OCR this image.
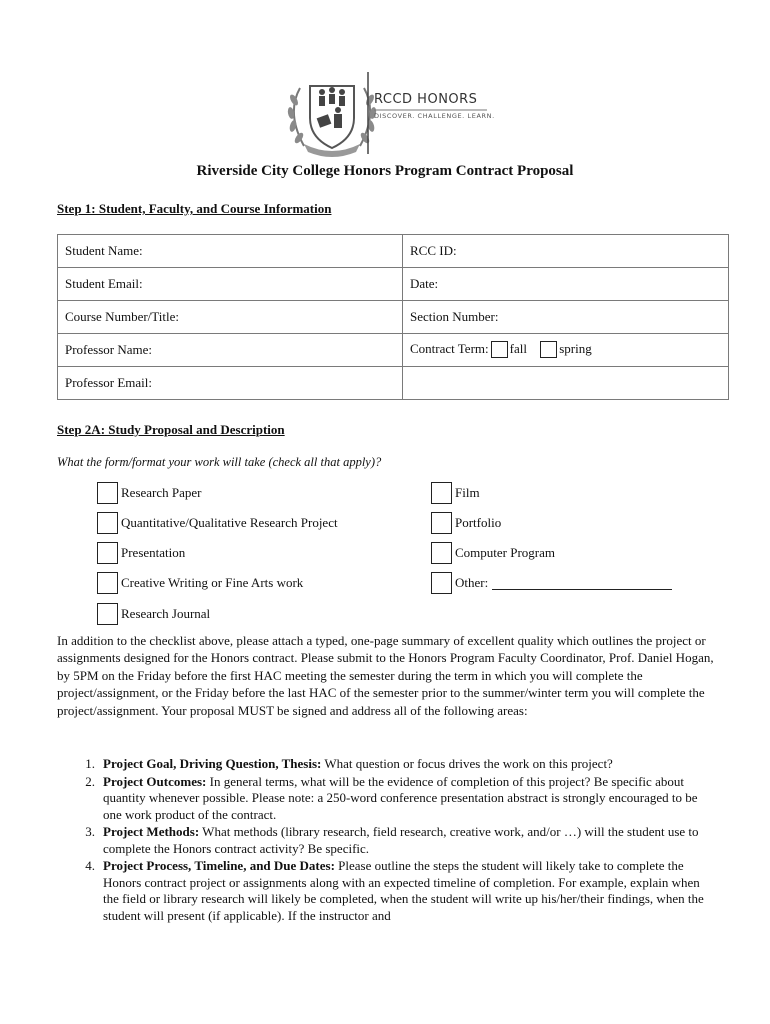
RCCD HONORS
DISCOVER. CHALLENGE. LEARN.
Riverside City College Honors Program Contract Proposal
Step 1: Student, Faculty, and Course Information
Student Name:	RCC ID:
Student Email:	Date:
Course Number/Title:	Section Number:
Professor Name:	Contract Term: fall spring
Professor Email:	
Step 2A: Study Proposal and Description
What the form/format your work will take (check all that apply)?
Research Paper
Quantitative/Qualitative Research Project
Presentation
Creative Writing or Fine Arts work
Research Journal
Film
Portfolio
Computer Program
Other:
In addition to the checklist above, please attach a typed, one-page summary of excellent quality which outlines the project or assignments designed for the Honors contract. Please submit to the Honors Program Faculty Coordinator, Prof. Daniel Hogan, by 5PM on the Friday before the first HAC meeting the semester during the term in which you will complete the project/assignment, or the Friday before the last HAC of the semester prior to the summer/winter term you will complete the project/assignment. Your proposal MUST be signed and address all of the following areas:
1. Project Goal, Driving Question, Thesis: What question or focus drives the work on this project?
2. Project Outcomes: In general terms, what will be the evidence of completion of this project? Be specific about quantity whenever possible. Please note: a 250-word conference presentation abstract is strongly encouraged to be one work product of the contract.
3. Project Methods: What methods (library research, field research, creative work, and/or …) will the student use to complete the Honors contract activity? Be specific.
4. Project Process, Timeline, and Due Dates: Please outline the steps the student will likely take to complete the Honors contract project or assignments along with an expected timeline of completion. For example, explain when the field or library research will likely be completed, when the student will write up his/her/their findings, when the student will present (if applicable). If the instructor and
